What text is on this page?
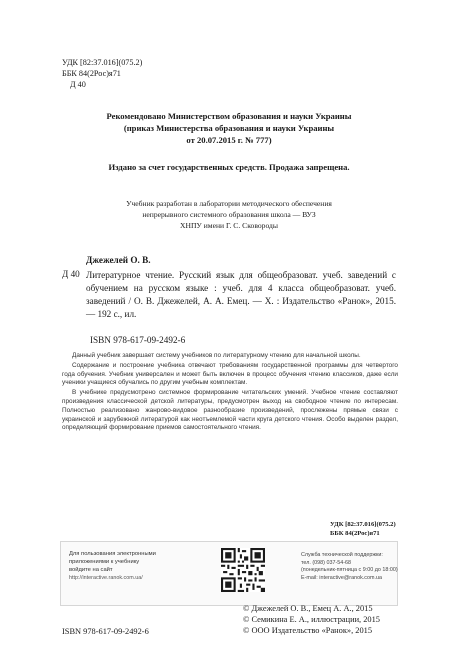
УДК [82:37.016](075.2)
ББК 84(2Рос)я71
Д 40
Рекомендовано Министерством образования и науки Украины
(приказ Министерства образования и науки Украины
от 20.07.2015 г. № 777)
Издано за счет государственных средств. Продажа запрещена.
Учебник разработан в лаборатории методического обеспечения
непрерывного системного образования школа — ВУЗ
ХНПУ имени Г. С. Сковороды
Джежелей О. В.
Д 40 Литературное чтение. Русский язык для общеобразоват. учеб. заведений с обучением на русском языке : учеб. для 4 класса общеобразоват. учеб. заведений / О. В. Джежелей, А. А. Емец. — Х. : Издательство «Ранок», 2015. — 192 с., ил.
ISBN 978-617-09-2492-6

Данный учебник завершает систему учебников по литературному чтению для начальной школы.

Содержание и построение учебника отвечают требованиям государственной программы для четвертого года обучения. Учебник универсален и может быть включен в процесс обучения чтению классиков, даже если ученики учащиеся обучались по другим учебным комплектам.

В учебнике предусмотрено системное формирование читательских умений. Учебное чтение составляют произведения классической детской литературы, предусмотрен выход на свободное чтение по интересам. Полностью реализовано жанрово-видовое разнообразие произведений, прослежены прямые связи с украинской и зарубежной литературой как неотъемлемой части круга детского чтения. Особо выделен раздел, определяющий формирование приемов самостоятельного чтения.

УДК [82:37.016](075.2)
ББК 84(2Рос)я71
Для пользования электронными
приложениями к учебнику
войдите на сайт
http://interactive.ranok.com.ua/
Служба технической поддержки:
тел. (098) 037-54-68
(понедельник-пятница с 9:00 до 18:00)
E-mail: interactive@ranok.com.ua
© Джежелей О. В., Емец А. А., 2015
© Семикина Е. А., иллюстрации, 2015
© ООО Издательство «Ранок», 2015
ISBN 978-617-09-2492-6
